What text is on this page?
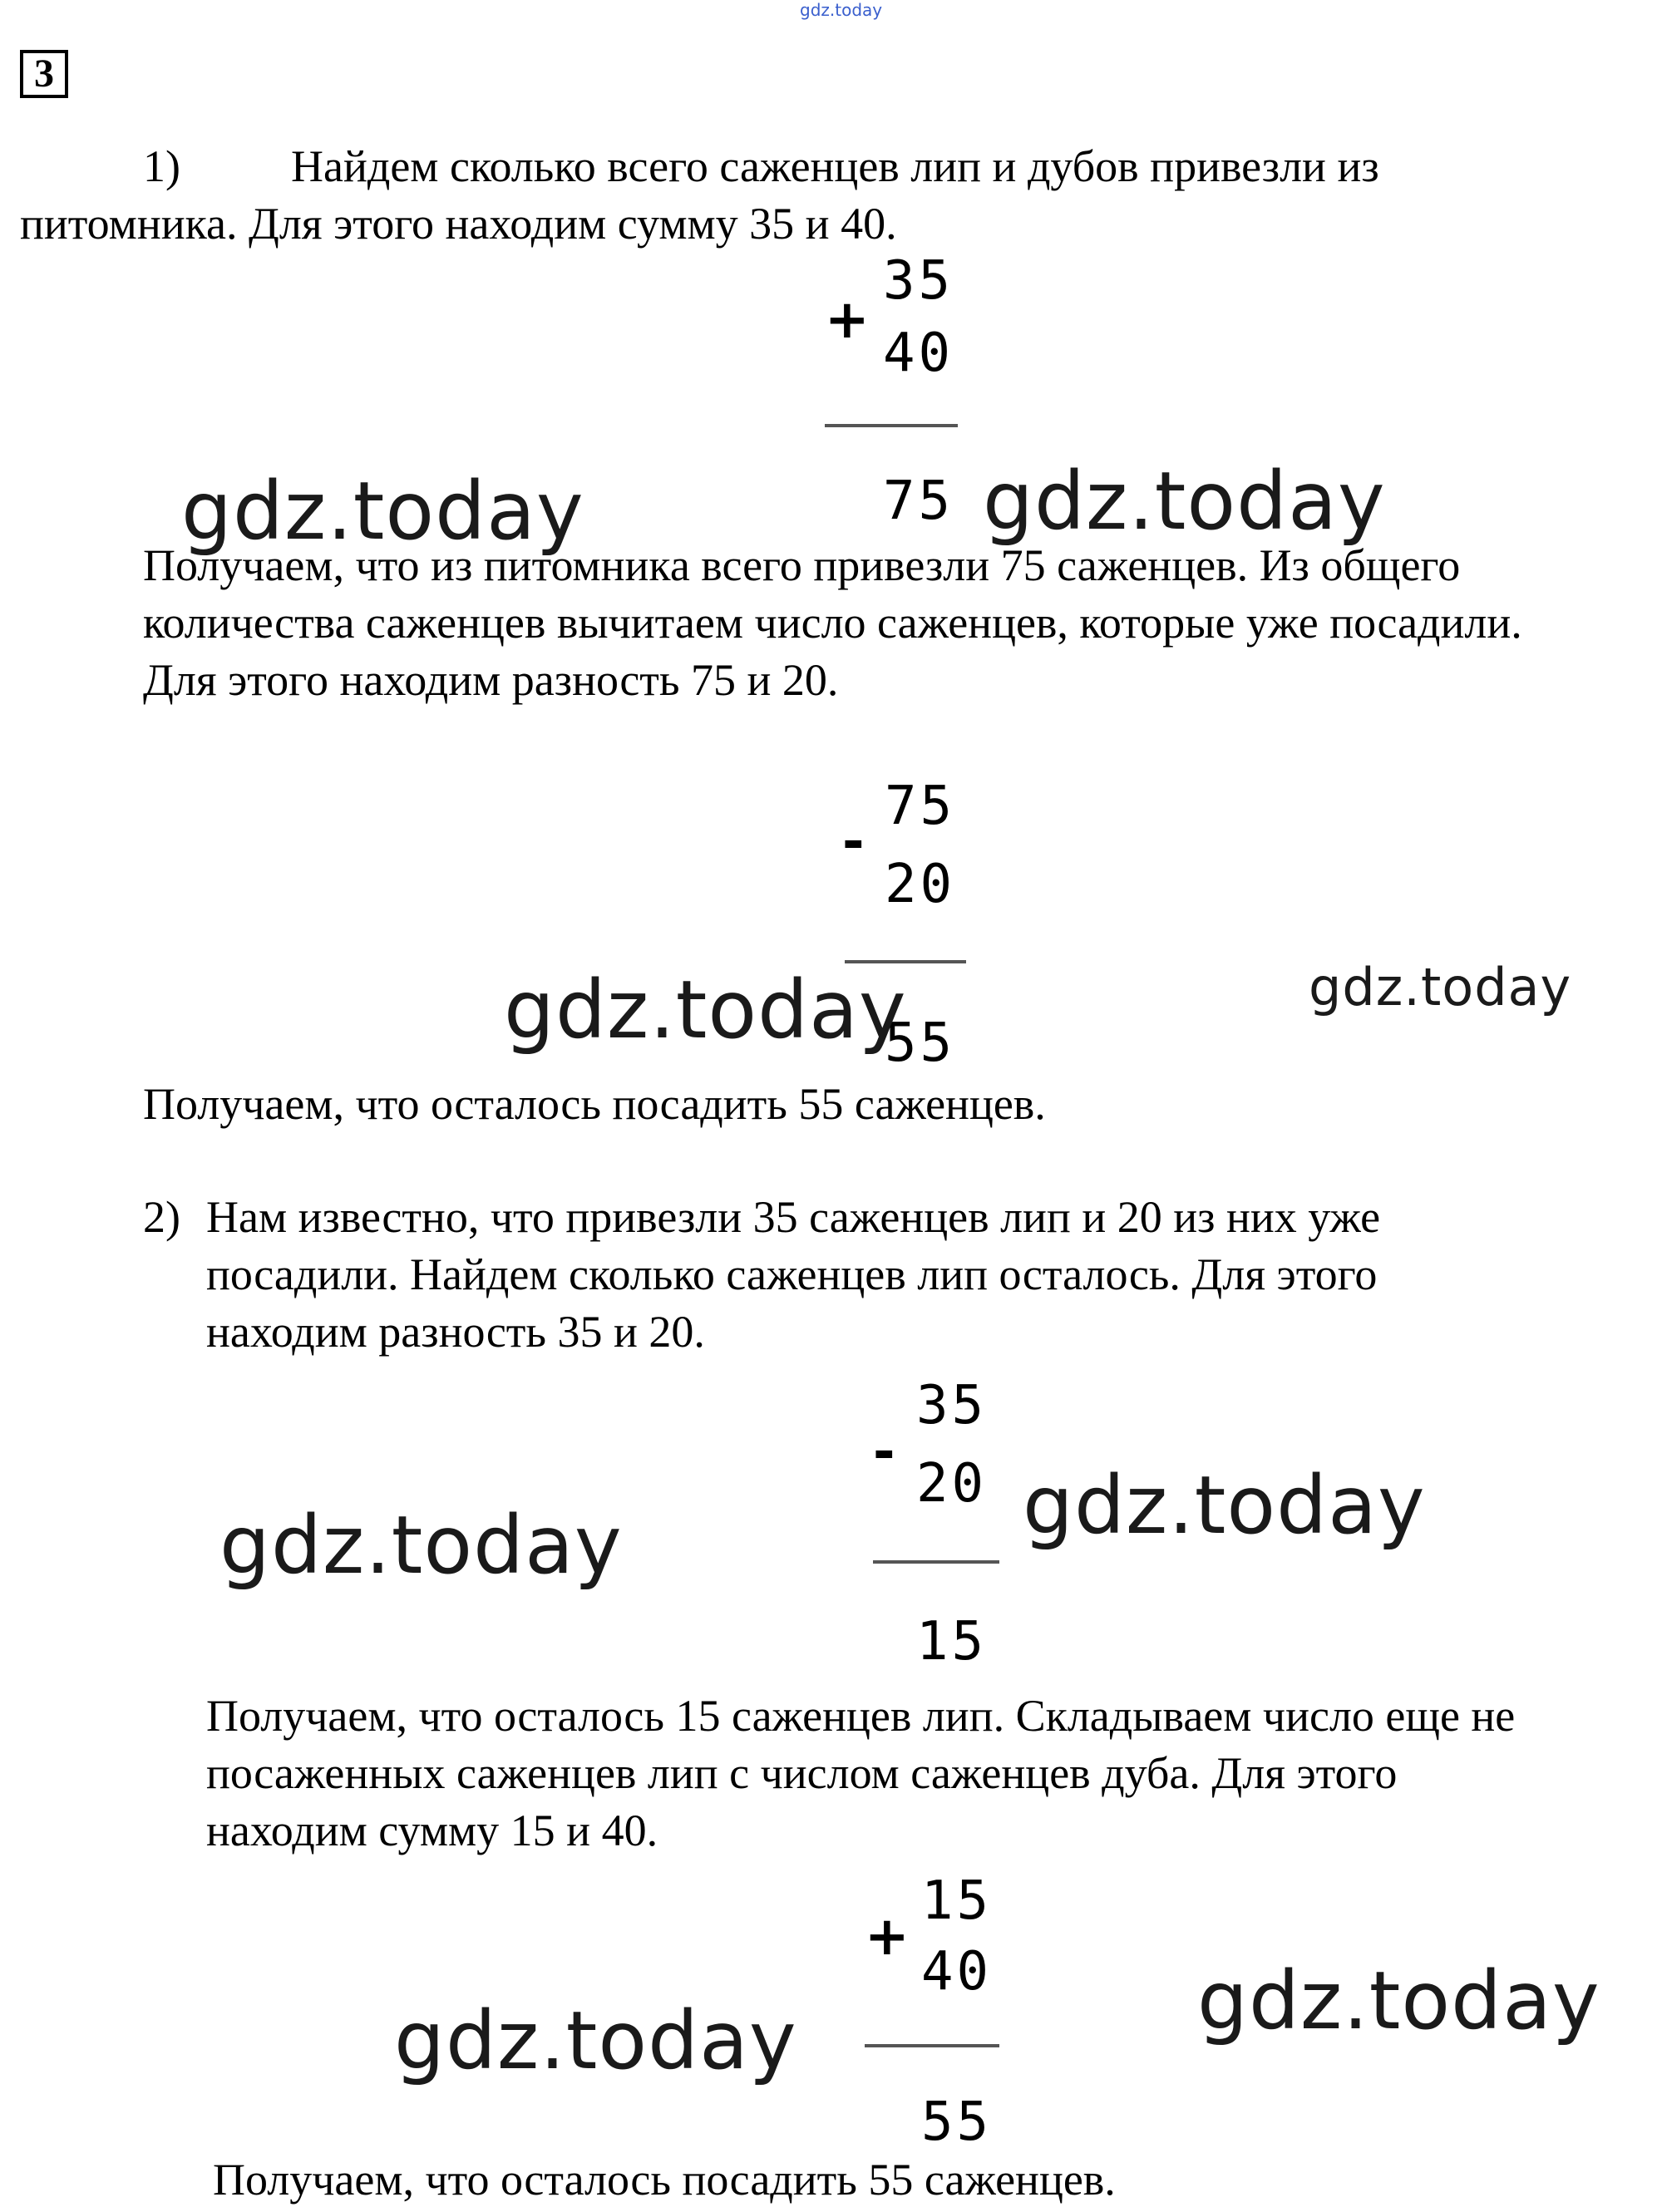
gdz.today
3
1) Найдем сколько всего саженцев лип и дубов привезли из
питомника. Для этого находим сумму 35 и 40.
+
35
40
75
gdz.today	gdz.today
Получаем, что из питомника всего привезли 75 саженцев. Из общего
количества саженцев вычитаем число саженцев, которые уже посадили.
Для этого находим разность 75 и 20.
-
75
20
55
gdz.today	gdz.today
Получаем, что осталось посадить 55 саженцев.
2) Нам известно, что привезли 35 саженцев лип и 20 из них уже
посадили. Найдем сколько саженцев лип осталось. Для этого
находим разность 35 и 20.
-
35
20
15
gdz.today	gdz.today
Получаем, что осталось 15 саженцев лип. Складываем число еще не
посаженных саженцев лип с числом саженцев дуба. Для этого
находим сумму 15 и 40.
+
15
40
55
gdz.today	gdz.today
Получаем, что осталось посадить 55 саженцев.
